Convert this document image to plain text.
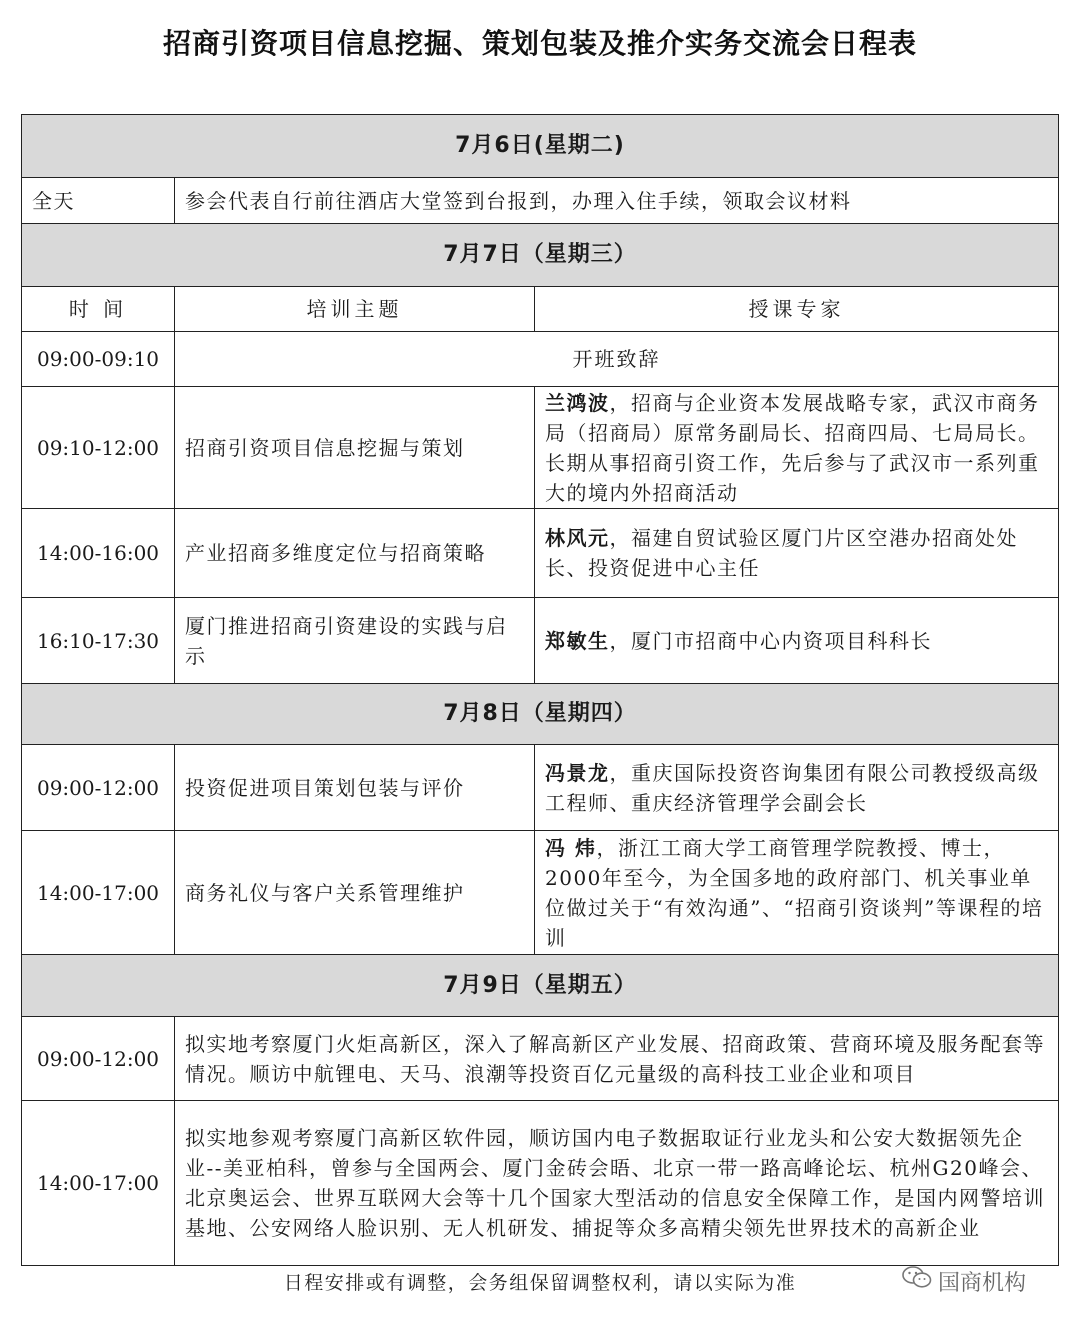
招商引资项目信息挖掘、策划包装及推介实务交流会日程表
7月6日(星期二)		
全天	参会代表自行前往酒店大堂签到台报到，办理入住手续，领取会议材料	
7月7日（星期三）		
时 间	培训主题	授课专家
09:00-09:10	开班致辞	
09:10-12:00	招商引资项目信息挖掘与策划	兰鸿波，招商与企业资本发展战略专家，武汉市商务局（招商局）原常务副局长、招商四局、七局局长。长期从事招商引资工作，先后参与了武汉市一系列重大的境内外招商活动
14:00-16:00	产业招商多维度定位与招商策略	林风元，福建自贸试验区厦门片区空港办招商处处长、投资促进中心主任
16:10-17:30	厦门推进招商引资建设的实践与启示	郑敏生，厦门市招商中心内资项目科科长
7月8日（星期四）		
09:00-12:00	投资促进项目策划包装与评价	冯景龙，重庆国际投资咨询集团有限公司教授级高级工程师、重庆经济管理学会副会长
14:00-17:00	商务礼仪与客户关系管理维护	冯 炜，浙江工商大学工商管理学院教授、博士，2000年至今，为全国多地的政府部门、机关事业单位做过关于“有效沟通”、“招商引资谈判”等课程的培训
7月9日（星期五）		
09:00-12:00	拟实地考察厦门火炬高新区，深入了解高新区产业发展、招商政策、营商环境及服务配套等情况。顺访中航锂电、天马、浪潮等投资百亿元量级的高科技工业企业和项目	
14:00-17:00	拟实地参观考察厦门高新区软件园，顺访国内电子数据取证行业龙头和公安大数据领先企业--美亚柏科，曾参与全国两会、厦门金砖会晤、北京一带一路高峰论坛、杭州G20峰会、北京奥运会、世界互联网大会等十几个国家大型活动的信息安全保障工作，是国内网警培训基地、公安网络人脸识别、无人机研发、捕捉等众多高精尖领先世界技术的高新企业	
日程安排或有调整，会务组保留调整权利，请以实际为准	国商机构
